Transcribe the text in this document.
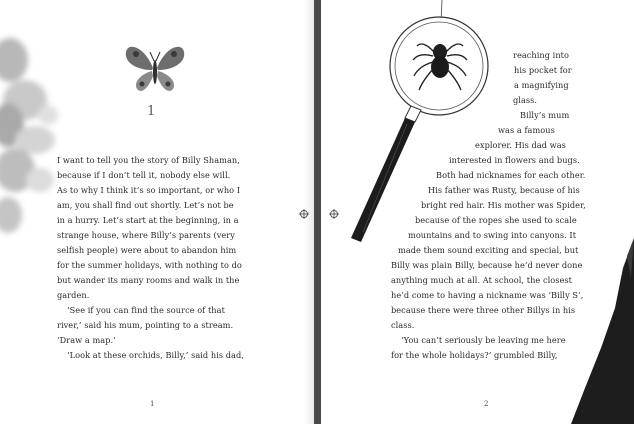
1
I want to tell you the story of Billy Shaman,
because if I don’t tell it, nobody else will.
As to why I think it’s so important, or who I
am, you shall find out shortly. Let’s not be
in a hurry. Let’s start at the beginning, in a
strange house, where Billy’s parents (very
selfish people) were about to abandon him
for the summer holidays, with nothing to do
but wander its many rooms and walk in the
garden.
‘See if you can find the source of that
river,’ said his mum, pointing to a stream.
‘Draw a map.’
‘Look at these orchids, Billy,’ said his dad,
1
reaching into
his pocket for
a magnifying
glass.
Billy’s mum
was a famous
explorer. His dad was
interested in flowers and bugs.
Both had nicknames for each other.
His father was Rusty, because of his
bright red hair. His mother was Spider,
because of the ropes she used to scale
mountains and to swing into canyons. It
made them sound exciting and special, but
Billy was plain Billy, because he’d never done
anything much at all. At school, the closest
he’d come to having a nickname was ‘Billy S’,
because there were three other Billys in his
class.
‘You can’t seriously be leaving me here
for the whole holidays?’ grumbled Billy,
2
